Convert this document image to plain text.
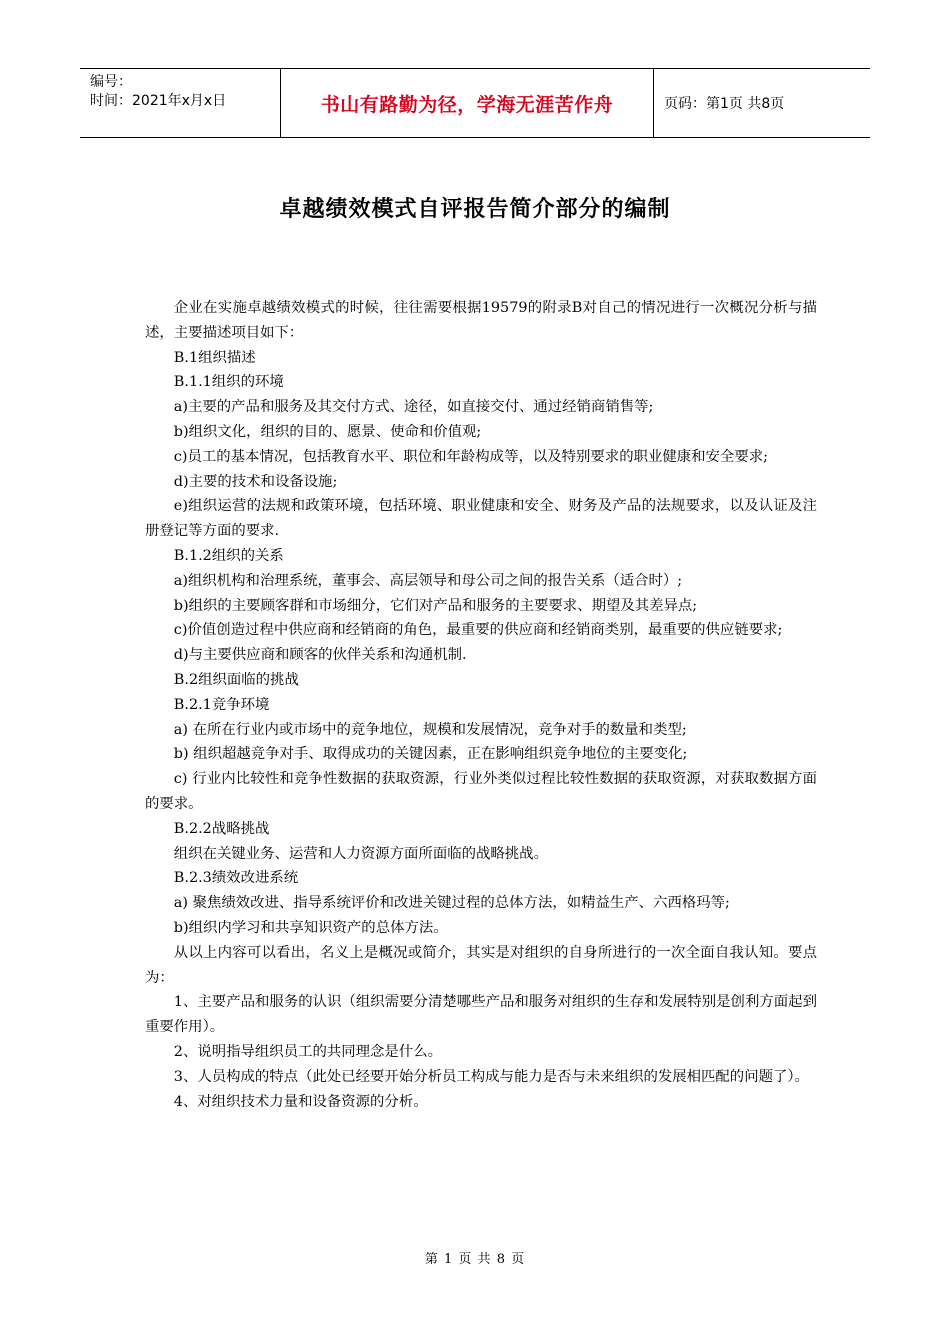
编号：
时间：2021年x月x日	书山有路勤为径，学海无涯苦作舟	页码：第1页 共8页
卓越绩效模式自评报告简介部分的编制

企业在实施卓越绩效模式的时候，往往需要根据19579的附录B对自己的情况进行一次概况分析与描述，主要描述项目如下：

B.1组织描述

B.1.1组织的环境

a)主要的产品和服务及其交付方式、途径，如直接交付、通过经销商销售等;

b)组织文化，组织的目的、愿景、使命和价值观;

c)员工的基本情况，包括教育水平、职位和年龄构成等，以及特别要求的职业健康和安全要求;

d)主要的技术和设备设施;

e)组织运营的法规和政策环境，包括环境、职业健康和安全、财务及产品的法规要求，以及认证及注册登记等方面的要求.

B.1.2组织的关系

a)组织机构和治理系统，董事会、高层领导和母公司之间的报告关系（适合时）;

b)组织的主要顾客群和市场细分，它们对产品和服务的主要要求、期望及其差异点;

c)价值创造过程中供应商和经销商的角色，最重要的供应商和经销商类别，最重要的供应链要求;

d)与主要供应商和顾客的伙伴关系和沟通机制.

B.2组织面临的挑战

B.2.1竞争环境

a) 在所在行业内或市场中的竞争地位，规模和发展情况，竞争对手的数量和类型;

b) 组织超越竞争对手、取得成功的关键因素，正在影响组织竞争地位的主要变化;

c) 行业内比较性和竞争性数据的获取资源，行业外类似过程比较性数据的获取资源，对获取数据方面的要求。

B.2.2战略挑战

组织在关键业务、运营和人力资源方面所面临的战略挑战。

B.2.3绩效改进系统

a) 聚焦绩效改进、指导系统评价和改进关键过程的总体方法，如精益生产、六西格玛等;

b)组织内学习和共享知识资产的总体方法。

从以上内容可以看出，名义上是概况或简介，其实是对组织的自身所进行的一次全面自我认知。要点为：

1、主要产品和服务的认识（组织需要分清楚哪些产品和服务对组织的生存和发展特别是创利方面起到重要作用）。

2、说明指导组织员工的共同理念是什么。

3、人员构成的特点（此处已经要开始分析员工构成与能力是否与未来组织的发展相匹配的问题了）。

4、对组织技术力量和设备资源的分析。

第 1 页 共 8 页
